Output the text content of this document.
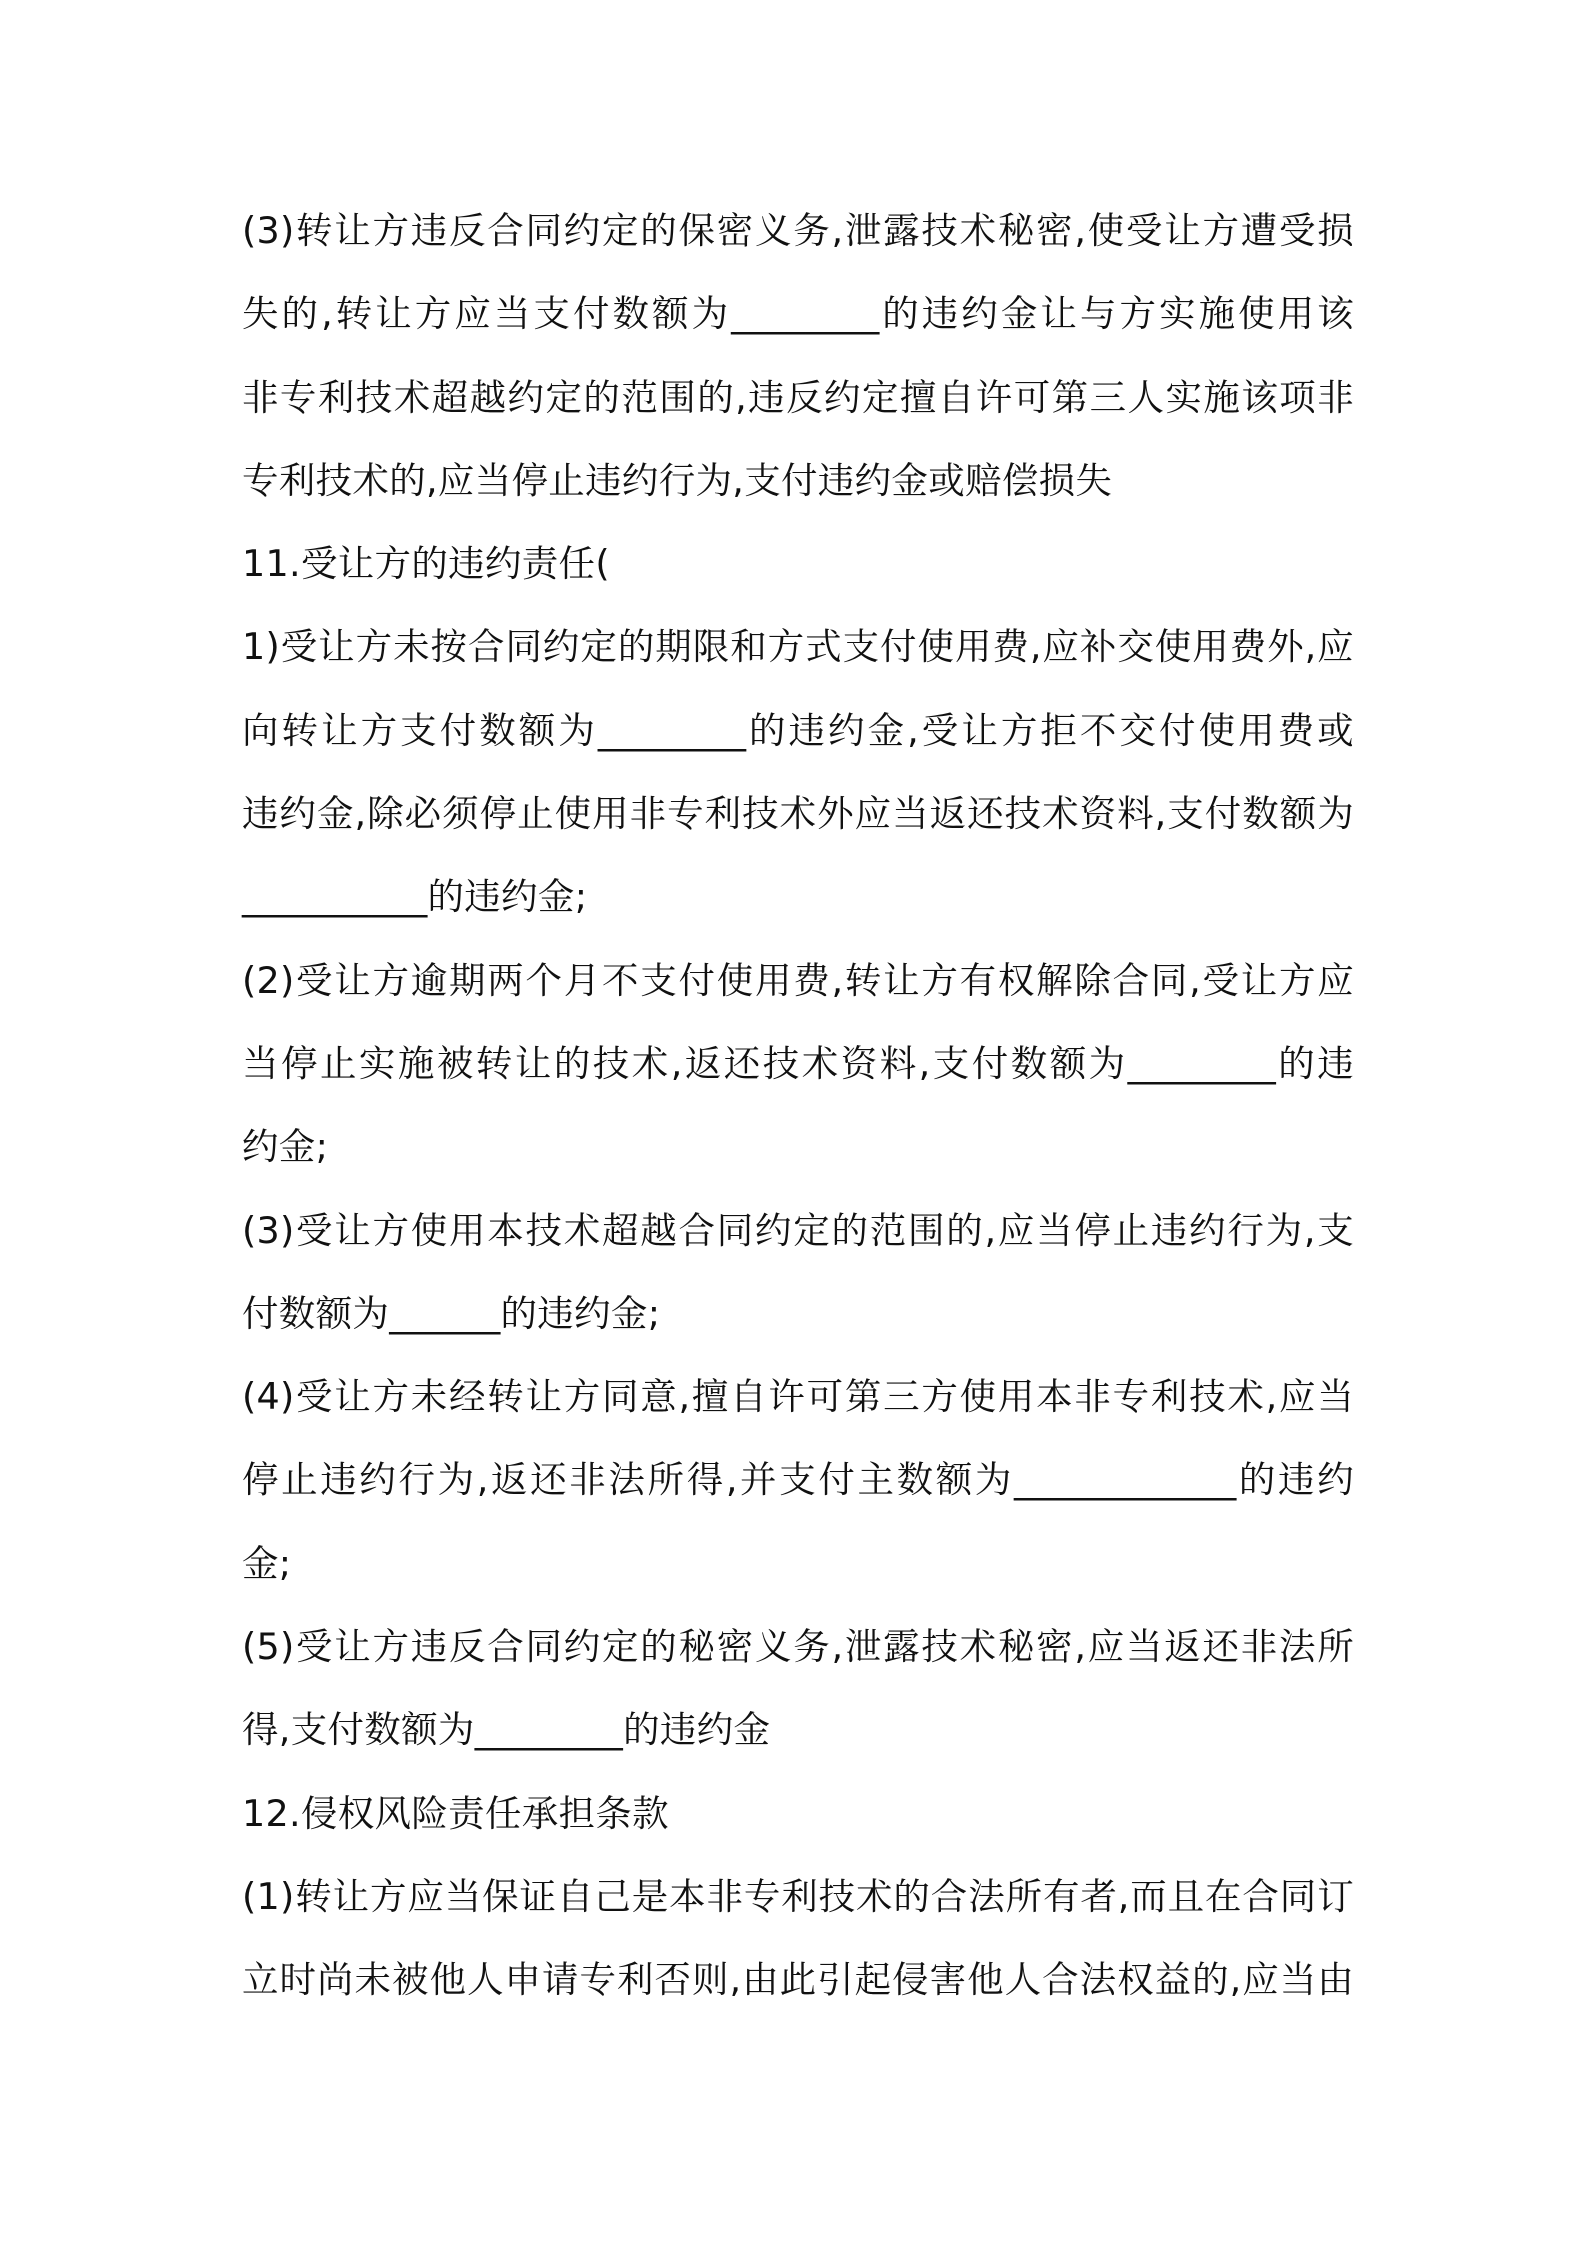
(3)转让方违反合同约定的保密义务,泄露技术秘密,使受让方遭受损
失的,转让方应当支付数额为________的违约金让与方实施使用该
非专利技术超越约定的范围的,违反约定擅自许可第三人实施该项非
专利技术的,应当停止违约行为,支付违约金或赔偿损失

11.受让方的违约责任(

1)受让方未按合同约定的期限和方式支付使用费,应补交使用费外,应
向转让方支付数额为________的违约金,受让方拒不交付使用费或
违约金,除必须停止使用非专利技术外应当返还技术资料,支付数额为
__________的违约金;

(2)受让方逾期两个月不支付使用费,转让方有权解除合同,受让方应
当停止实施被转让的技术,返还技术资料,支付数额为________的违
约金;

(3)受让方使用本技术超越合同约定的范围的,应当停止违约行为,支
付数额为______的违约金;

(4)受让方未经转让方同意,擅自许可第三方使用本非专利技术,应当
停止违约行为,返还非法所得,并支付主数额为____________的违约
金;

(5)受让方违反合同约定的秘密义务,泄露技术秘密,应当返还非法所
得,支付数额为________的违约金

12.侵权风险责任承担条款

(1)转让方应当保证自己是本非专利技术的合法所有者,而且在合同订
立时尚未被他人申请专利否则,由此引起侵害他人合法权益的,应当由
